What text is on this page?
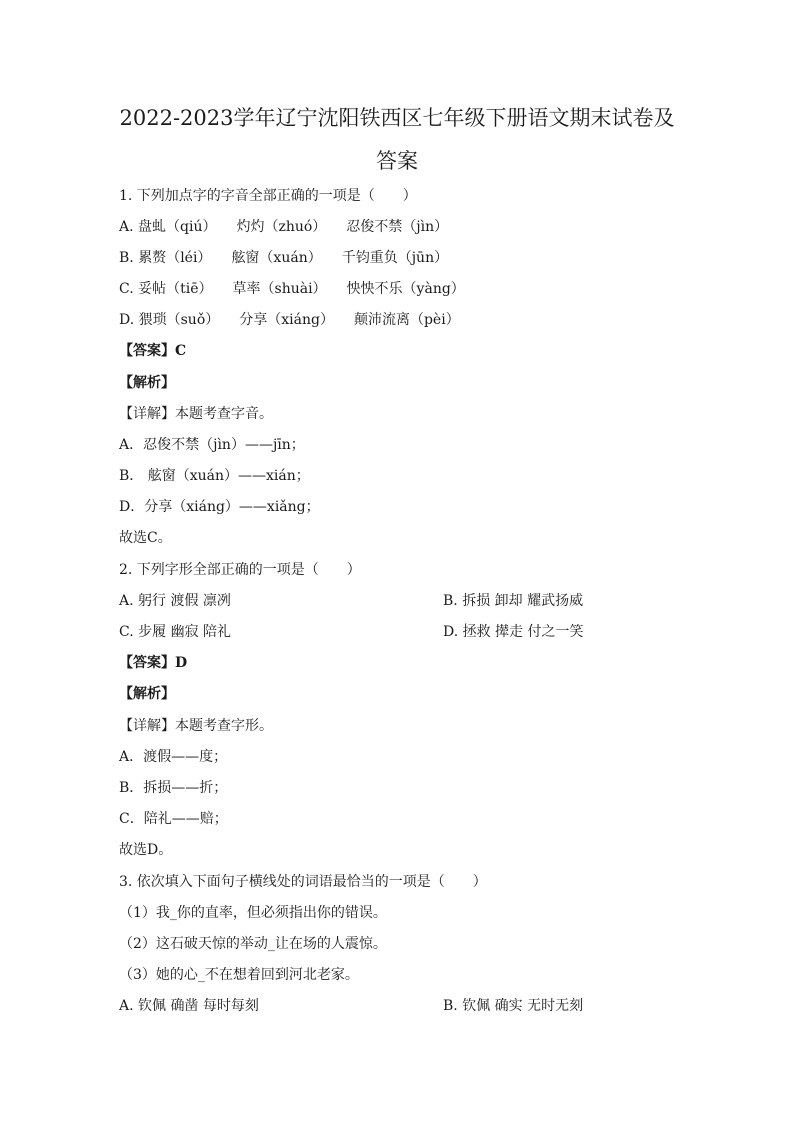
2022-2023学年辽宁沈阳铁西区七年级下册语文期末试卷及
答案
1. 下列加点字的字音全部正确的一项是（　　）
A. 盘虬（qiú） 灼灼（zhuó） 忍俊不禁（jìn）
B. 累赘（léi） 舷窗（xuán） 千钧重负（jūn）
C. 妥帖（tiē） 草率（shuài） 怏怏不乐（yàng）
D. 猥琐（suǒ） 分享（xiáng） 颠沛流离（pèi）
【答案】C
【解析】
【详解】本题考查字音。
A．忍俊不禁（jìn）——jīn；
B． 舷窗（xuán）——xián；
D．分享（xiáng）——xiǎng；
故选C。
2. 下列字形全部正确的一项是（　　）
A. 躬行 渡假 凛冽	B. 拆损 卸却 耀武扬威
C. 步履 幽寂 陪礼	D. 拯救 撵走 付之一笑
【答案】D
【解析】
【详解】本题考查字形。
A．渡假——度；
B．拆损——折；
C．陪礼——赔；
故选D。
3. 依次填入下面句子横线处的词语最恰当的一项是（　　）
（1）我_你的直率，但必须指出你的错误。
（2）这石破天惊的举动_让在场的人震惊。
（3）她的心_不在想着回到河北老家。
A. 钦佩 确凿 每时每刻	B. 钦佩 确实 无时无刻
